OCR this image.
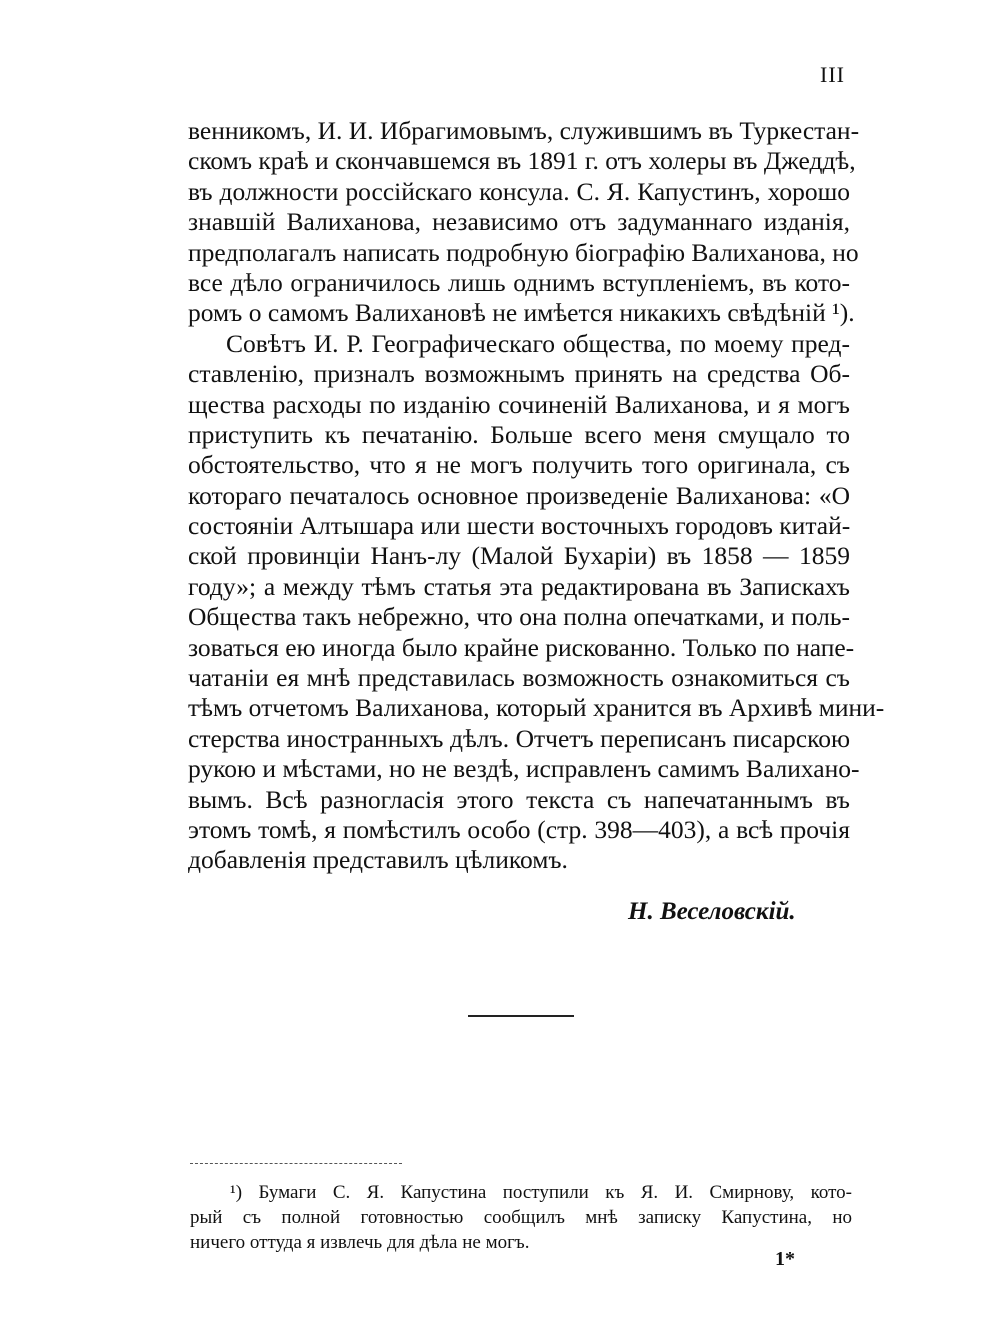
III
венникомъ, И. И. Ибрагимовымъ, служившимъ въ Туркестан-
скомъ краѣ и скончавшемся въ 1891 г. отъ холеры въ Джеддѣ,
въ должности россійскаго консула. С. Я. Капустинъ, хорошо
знавшій Валиханова, независимо отъ задуманнаго изданія,
предполагалъ написать подробную біографію Валиханова, но
все дѣло ограничилось лишь однимъ вступленіемъ, въ кото-
ромъ о самомъ Валихановѣ не имѣется никакихъ свѣдѣній ¹).
Совѣтъ И. Р. Географическаго общества, по моему пред-
ставленію, призналъ возможнымъ принять на средства Об-
щества расходы по изданію сочиненій Валиханова, и я могъ
приступить къ печатанію. Больше всего меня смущало то
обстоятельство, что я не могъ получить того оригинала, съ
котораго печаталось основное произведеніе Валиханова: «О
состояніи Алтышара или шести восточныхъ городовъ китай-
ской провинціи Нанъ-лу (Малой Бухаріи) въ 1858 — 1859
году»; а между тѣмъ статья эта редактирована въ Запискахъ
Общества такъ небрежно, что она полна опечатками, и поль-
зоваться ею иногда было крайне рискованно. Только по напе-
чатаніи ея мнѣ представилась возможность ознакомиться съ
тѣмъ отчетомъ Валиханова, который хранится въ Архивѣ мини-
стерства иностранныхъ дѣлъ. Отчетъ переписанъ писарскою
рукою и мѣстами, но не вездѣ, исправленъ самимъ Валихано-
вымъ. Всѣ разногласія этого текста съ напечатаннымъ въ
этомъ томѣ, я помѣстилъ особо (стр. 398—403), а всѣ прочія
добавленія представилъ цѣликомъ.
Н. Веселовскій.
¹) Бумаги С. Я. Капустина поступили къ Я. И. Смирнову, кото-
рый съ полной готовностью сообщилъ мнѣ записку Капустина, но
ничего оттуда я извлечь для дѣла не могъ.
1*
